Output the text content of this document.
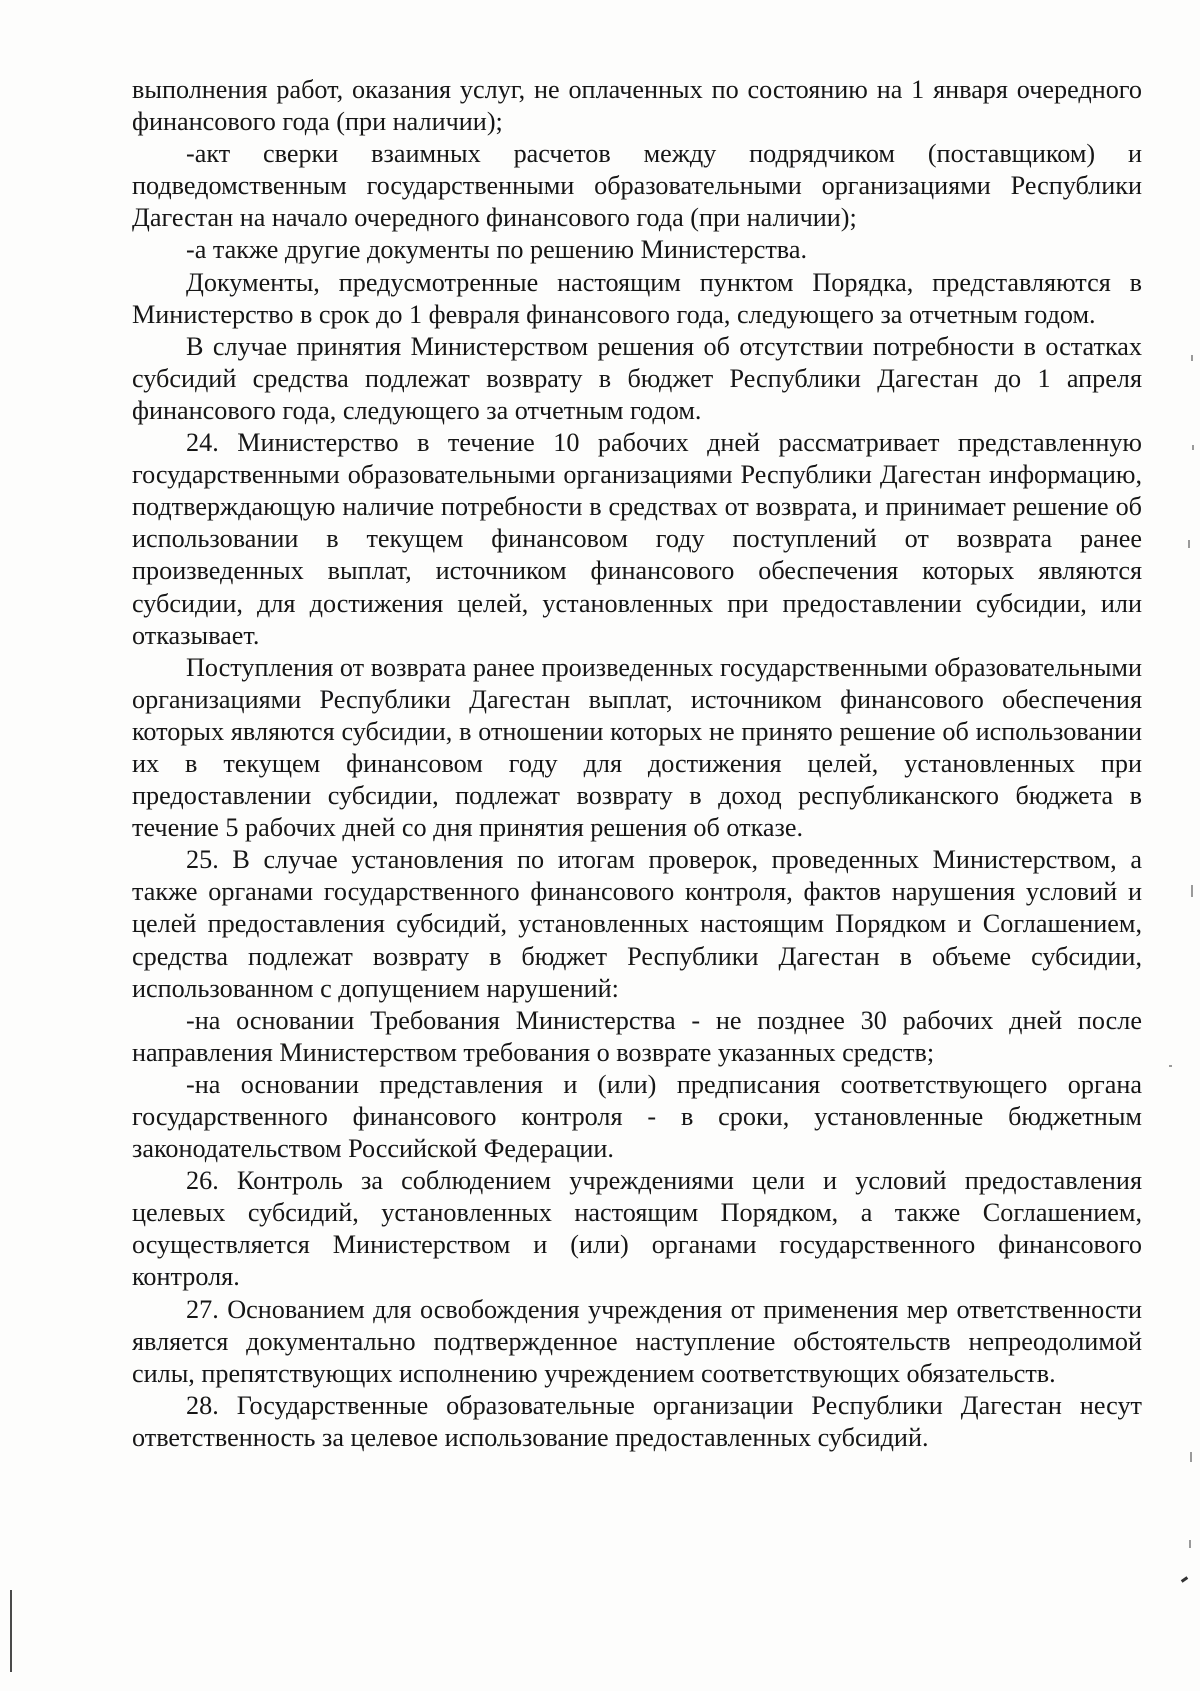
выполнения работ, оказания услуг, не оплаченных по состоянию на 1 января очередного финансового года (при наличии);

-акт сверки взаимных расчетов между подрядчиком (поставщиком) и подведомственным государственными образовательными организациями Республики Дагестан на начало очередного финансового года (при наличии);

-а также другие документы по решению Министерства.

Документы, предусмотренные настоящим пунктом Порядка, представляются в Министерство в срок до 1 февраля финансового года, следующего за отчетным годом.

В случае принятия Министерством решения об отсутствии потребности в остатках субсидий средства подлежат возврату в бюджет Республики Дагестан до 1 апреля финансового года, следующего за отчетным годом.

24. Министерство в течение 10 рабочих дней рассматривает представленную государственными образовательными организациями Республики Дагестан информацию, подтверждающую наличие потребности в средствах от возврата, и принимает решение об использовании в текущем финансовом году поступлений от возврата ранее произведенных выплат, источником финансового обеспечения которых являются субсидии, для достижения целей, установленных при предоставлении субсидии, или отказывает.

Поступления от возврата ранее произведенных государственными образовательными организациями Республики Дагестан выплат, источником финансового обеспечения которых являются субсидии, в отношении которых не принято решение об использовании их в текущем финансовом году для достижения целей, установленных при предоставлении субсидии, подлежат возврату в доход республиканского бюджета в течение 5 рабочих дней со дня принятия решения об отказе.

25. В случае установления по итогам проверок, проведенных Министерством, а также органами государственного финансового контроля, фактов нарушения условий и целей предоставления субсидий, установленных настоящим Порядком и Соглашением, средства подлежат возврату в бюджет Республики Дагестан в объеме субсидии, использованном с допущением нарушений:

-на основании Требования Министерства - не позднее 30 рабочих дней после направления Министерством требования о возврате указанных средств;

-на основании представления и (или) предписания соответствующего органа государственного финансового контроля - в сроки, установленные бюджетным законодательством Российской Федерации.

26. Контроль за соблюдением учреждениями цели и условий предоставления целевых субсидий, установленных настоящим Порядком, а также Соглашением, осуществляется Министерством и (или) органами государственного финансового контроля.

27. Основанием для освобождения учреждения от применения мер ответственности является документально подтвержденное наступление обстоятельств непреодолимой силы, препятствующих исполнению учреждением соответствующих обязательств.

28. Государственные образовательные организации Республики Дагестан несут ответственность за целевое использование предоставленных субсидий.
